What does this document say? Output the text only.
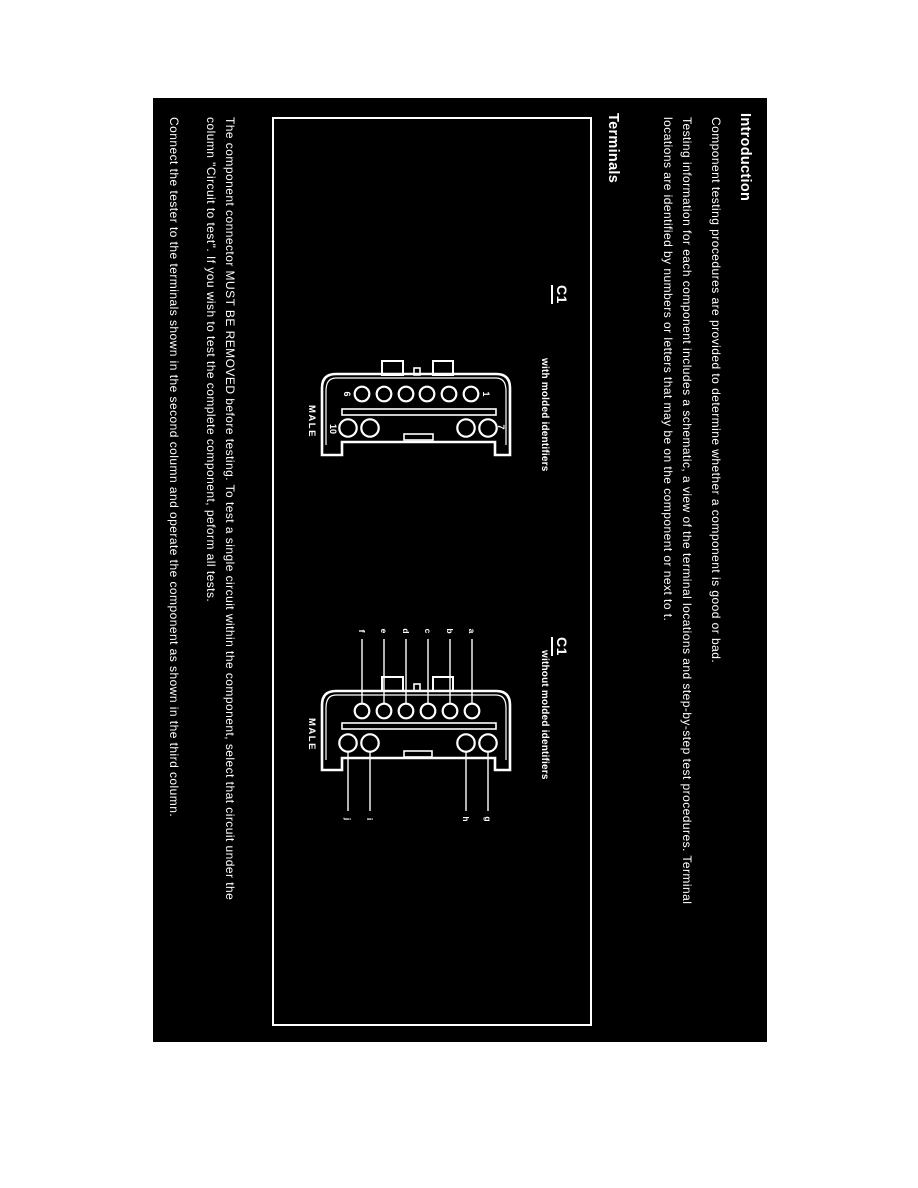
Introduction
Component testing procedures are provided to determine whether a component is good or bad.
Testing information for each component includes a schematic, a view of the terminal locations and step-by-step test procedures. Terminal
locations are identified by numbers or letters that may be on the component or next to t.
Terminals
C1
with molded identifiers
C1
without molded identifiers
6	1
10	7
MALE
f e d c b a
j i	h g
MALE
The component connector MUST BE REMOVED before testing. To test a single circuit within the component, select that circuit under the
column "Circuit to test". If you wish to test the complete component, peform all tests.
Connect the tester to the terminals shown in the second column and operate the component as shown in the third column.
